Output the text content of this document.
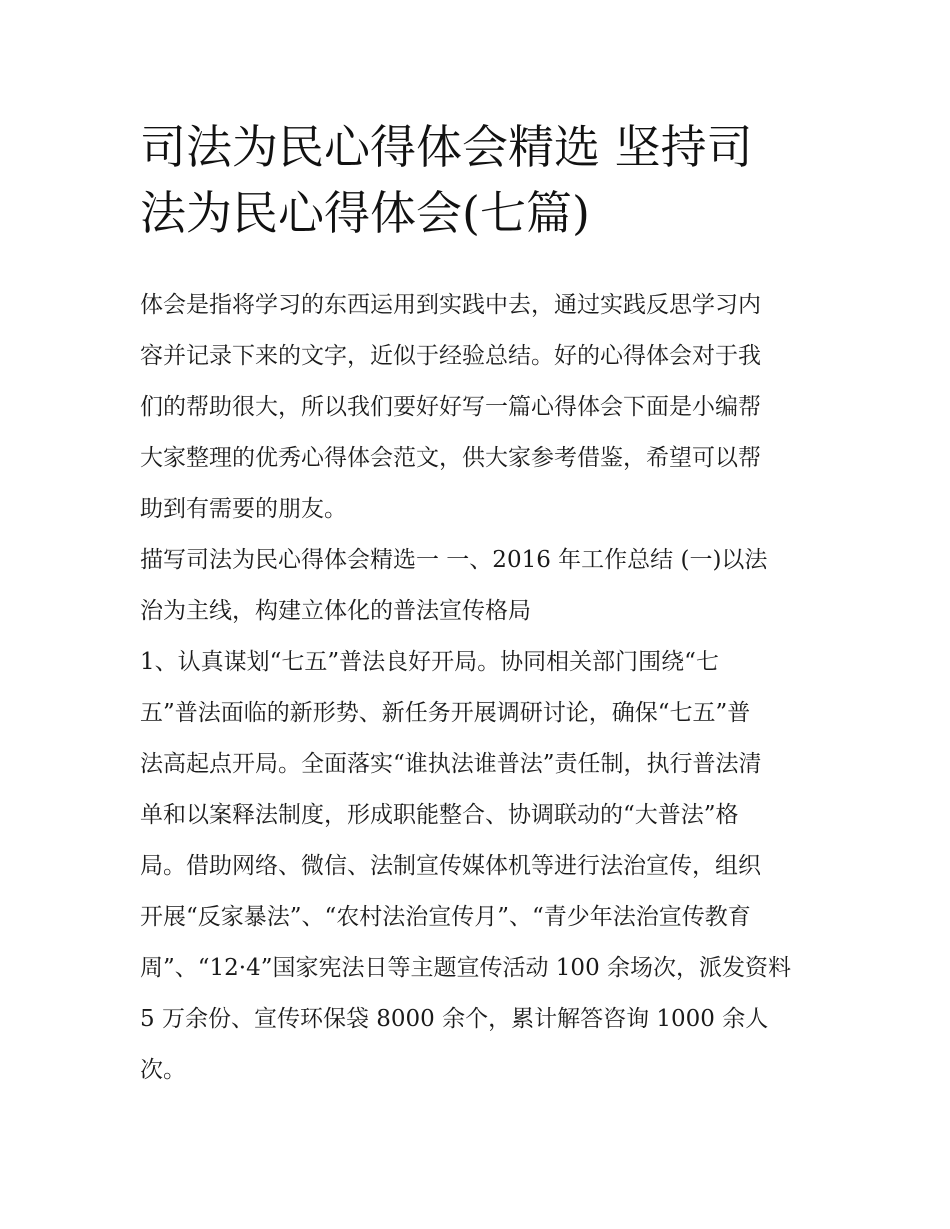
司法为民心得体会精选 坚持司
法为民心得体会(七篇)

体会是指将学习的东西运用到实践中去，通过实践反思学习内
容并记录下来的文字，近似于经验总结。好的心得体会对于我
们的帮助很大，所以我们要好好写一篇心得体会下面是小编帮
大家整理的优秀心得体会范文，供大家参考借鉴，希望可以帮
助到有需要的朋友。

描写司法为民心得体会精选一 一、2016 年工作总结 (一)以法
治为主线，构建立体化的普法宣传格局

1、认真谋划“七五”普法良好开局。协同相关部门围绕“七
五”普法面临的新形势、新任务开展调研讨论，确保“七五”普
法高起点开局。全面落实“谁执法谁普法”责任制，执行普法清
单和以案释法制度，形成职能整合、协调联动的“大普法”格
局。借助网络、微信、法制宣传媒体机等进行法治宣传，组织
开展“反家暴法”、“农村法治宣传月”、“青少年法治宣传教育
周”、“12·4”国家宪法日等主题宣传活动 100 余场次，派发资料
5 万余份、宣传环保袋 8000 余个，累计解答咨询 1000 余人
次。
